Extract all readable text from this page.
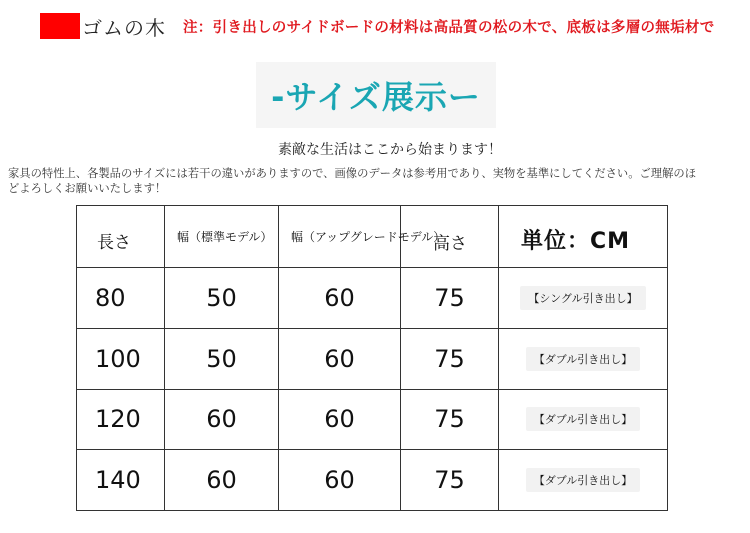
ゴムの木 注：引き出しのサイドボードの材料は高品質の松の木で、底板は多層の無垢材で
-サイズ展示ー
素敵な生活はここから始まります！
家具の特性上、各製品のサイズには若干の違いがありますので、画像のデータは参考用であり、実物を基準にしてください。ご理解のほどよろしくお願いいたします！
長さ	幅（標準モデル）	幅（アップグレードモデル）	高さ	単位：CM
80	50	60	75	【シングル引き出し】
100	50	60	75	【ダブル引き出し】
120	60	60	75	【ダブル引き出し】
140	60	60	75	【ダブル引き出し】
